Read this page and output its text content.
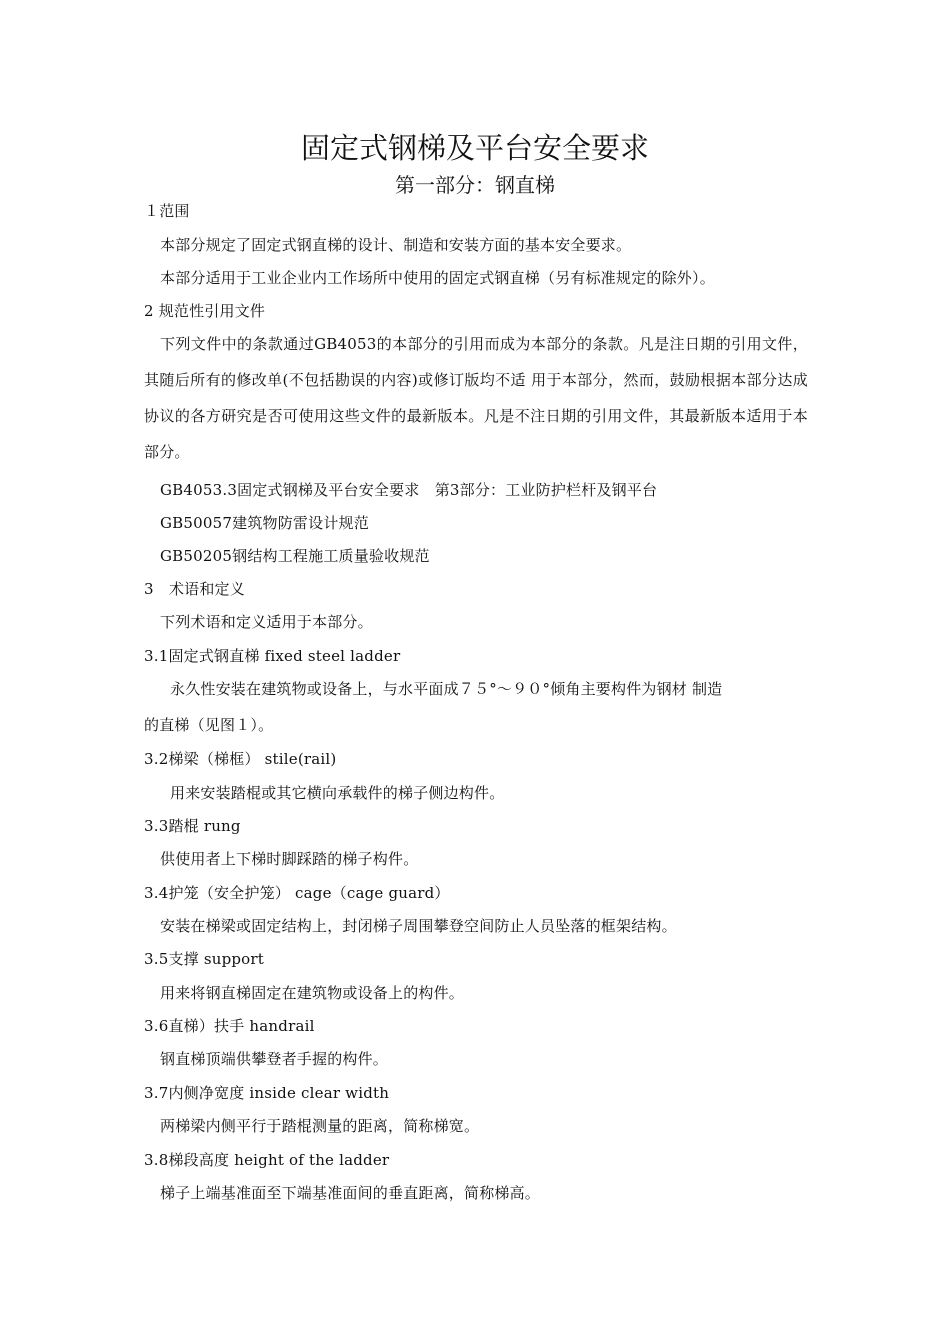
固定式钢梯及平台安全要求
第一部分：钢直梯
１范围
本部分规定了固定式钢直梯的设计、制造和安装方面的基本安全要求。
本部分适用于工业企业内工作场所中使用的固定式钢直梯（另有标准规定的除外）。
2 规范性引用文件
下列文件中的条款通过GB4053的本部分的引用而成为本部分的条款。凡是注日期的引用文件，其随后所有的修改单(不包括勘误的内容)或修订版均不适 用于本部分，然而，鼓励根据本部分达成协议的各方研究是否可使用这些文件的最新版本。凡是不注日期的引用文件，其最新版本适用于本部分。
GB4053.3固定式钢梯及平台安全要求　第3部分：工业防护栏杆及钢平台
GB50057建筑物防雷设计规范
GB50205钢结构工程施工质量验收规范
3　术语和定义
下列术语和定义适用于本部分。
3.1固定式钢直梯 fixed steel ladder
永久性安装在建筑物或设备上，与水平面成７５°～９０°倾角主要构件为钢材 制造
的直梯（见图１）。
3.2梯梁（梯框） stile(rail)
用来安装踏棍或其它横向承载件的梯子侧边构件。
3.3踏棍 rung
供使用者上下梯时脚踩踏的梯子构件。
3.4护笼（安全护笼） cage（cage guard）
安装在梯梁或固定结构上，封闭梯子周围攀登空间防止人员坠落的框架结构。
3.5支撑 support
用来将钢直梯固定在建筑物或设备上的构件。
3.6直梯）扶手 handrail
钢直梯顶端供攀登者手握的构件。
3.7内侧净宽度 inside clear width
两梯梁内侧平行于踏棍测量的距离，简称梯宽。
3.8梯段高度 height of the ladder
梯子上端基准面至下端基准面间的垂直距离，简称梯高。
